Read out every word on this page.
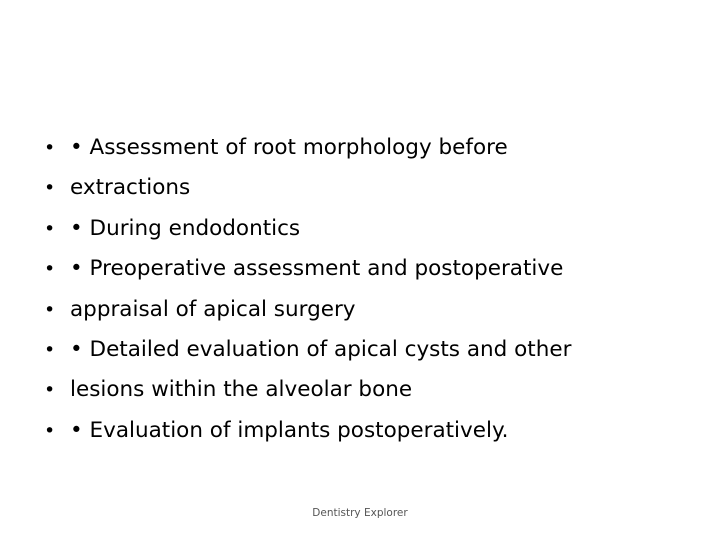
• • Assessment of root morphology before
• extractions
• • During endodontics
• • Preoperative assessment and postoperative
• appraisal of apical surgery
• • Detailed evaluation of apical cysts and other
• lesions within the alveolar bone
• • Evaluation of implants postoperatively.
Dentistry Explorer
